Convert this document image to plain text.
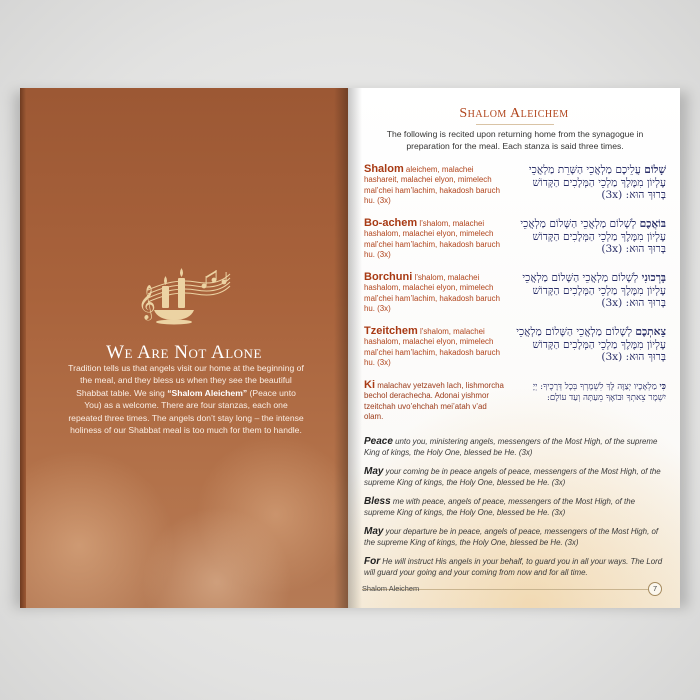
𝄞
We Are Not Alone
Tradition tells us that angels visit our home at the beginning of the meal, and they bless us when they see the beautiful Shabbat table. We sing “Shalom Aleichem” (Peace unto You) as a welcome. There are four stanzas, each one repeated three times. The angels don’t stay long – the intense holiness of our Shabbat meal is too much for them to handle.
Shalom Aleichem
The following is recited upon returning home from the synagogue in preparation for the meal. Each stanza is said three times.
Shalom aleichem, malachei hashareit, malachei elyon, mimelech mal’chei ham’lachim, hakadosh baruch hu. (3x)
שָׁלוֹם עֲלֵיכֶם מַלְאֲכֵי הַשָּׁרֵת מַלְאֲכֵי עֶלְיוֹן מִמֶּלֶךְ מַלְכֵי הַמְּלָכִים הַקָּדוֹשׁ בָּרוּךְ הוּא: (3x)
Bo-achem l’shalom, malachei hashalom, malachei elyon, mimelech mal’chei ham’lachim, hakadosh baruch hu. (3x)
בּוֹאֲכֶם לְשָׁלוֹם מַלְאֲכֵי הַשָּׁלוֹם מַלְאֲכֵי עֶלְיוֹן מִמֶּלֶךְ מַלְכֵי הַמְּלָכִים הַקָּדוֹשׁ בָּרוּךְ הוּא: (3x)
Borchuni l’shalom, malachei hashalom, malachei elyon, mimelech mal’chei ham’lachim, hakadosh baruch hu. (3x)
בָּרְכוּנִי לְשָׁלוֹם מַלְאֲכֵי הַשָּׁלוֹם מַלְאֲכֵי עֶלְיוֹן מִמֶּלֶךְ מַלְכֵי הַמְּלָכִים הַקָּדוֹשׁ בָּרוּךְ הוּא: (3x)
Tzeitchem l’shalom, malachei hashalom, malachei elyon, mimelech mal’chei ham’lachim, hakadosh baruch hu. (3x)
צֵאתְכֶם לְשָׁלוֹם מַלְאֲכֵי הַשָּׁלוֹם מַלְאֲכֵי עֶלְיוֹן מִמֶּלֶךְ מַלְכֵי הַמְּלָכִים הַקָּדוֹשׁ בָּרוּךְ הוּא: (3x)
Ki malachav yetzaveh lach, lishmorcha bechol derachecha. Adonai yishmor tzeitchah uvo’ehchah mei’atah v’ad olam.
כִּי מַלְאָכָיו יְצַוֶּה לָּךְ לִשְׁמָרְךָ בְּכָל דְּרָכֶיךָ: יְיָ יִשְׁמָר צֵאתְךָ וּבוֹאֶךָ מֵעַתָּה וְעַד עוֹלָם:
Peace unto you, ministering angels, messengers of the Most High, of the supreme King of kings, the Holy One, blessed be He. (3x)
May your coming be in peace angels of peace, messengers of the Most High, of the supreme King of kings, the Holy One, blessed be He. (3x)
Bless me with peace, angels of peace, messengers of the Most High, of the supreme King of kings, the Holy One, blessed be He. (3x)
May your departure be in peace, angels of peace, messengers of the Most High, of the supreme King of kings, the Holy One, blessed be He. (3x)
For He will instruct His angels in your behalf, to guard you in all your ways. The Lord will guard your going and your coming from now and for all time.
Shalom Aleichem	7
